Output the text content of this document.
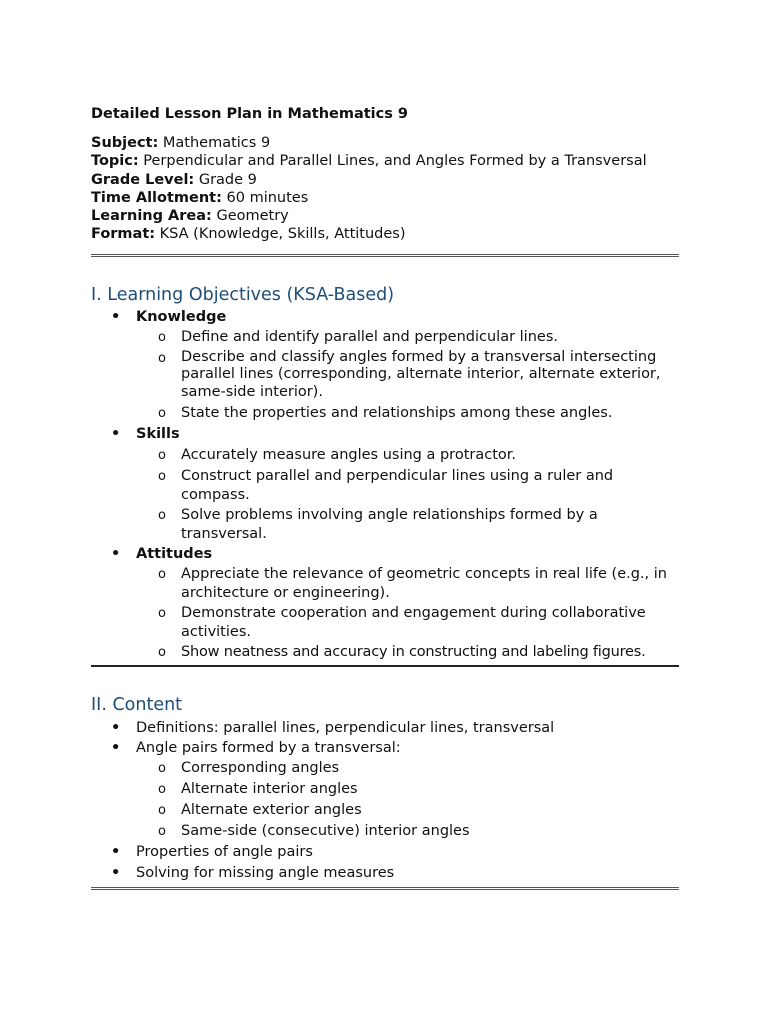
Detailed Lesson Plan in Mathematics 9
Subject: Mathematics 9
Topic: Perpendicular and Parallel Lines, and Angles Formed by a Transversal
Grade Level: Grade 9
Time Allotment: 60 minutes
Learning Area: Geometry
Format: KSA (Knowledge, Skills, Attitudes)
I. Learning Objectives (KSA-Based)
• Knowledge
o Define and identify parallel and perpendicular lines.
o Describe and classify angles formed by a transversal intersecting parallel lines (corresponding, alternate interior, alternate exterior, same-side interior).
o State the properties and relationships among these angles.
• Skills
o Accurately measure angles using a protractor.
o Construct parallel and perpendicular lines using a ruler and compass.
o Solve problems involving angle relationships formed by a transversal.
• Attitudes
o Appreciate the relevance of geometric concepts in real life (e.g., in architecture or engineering).
o Demonstrate cooperation and engagement during collaborative activities.
o Show neatness and accuracy in constructing and labeling figures.
II. Content
• Definitions: parallel lines, perpendicular lines, transversal
• Angle pairs formed by a transversal:
o Corresponding angles
o Alternate interior angles
o Alternate exterior angles
o Same-side (consecutive) interior angles
• Properties of angle pairs
• Solving for missing angle measures
